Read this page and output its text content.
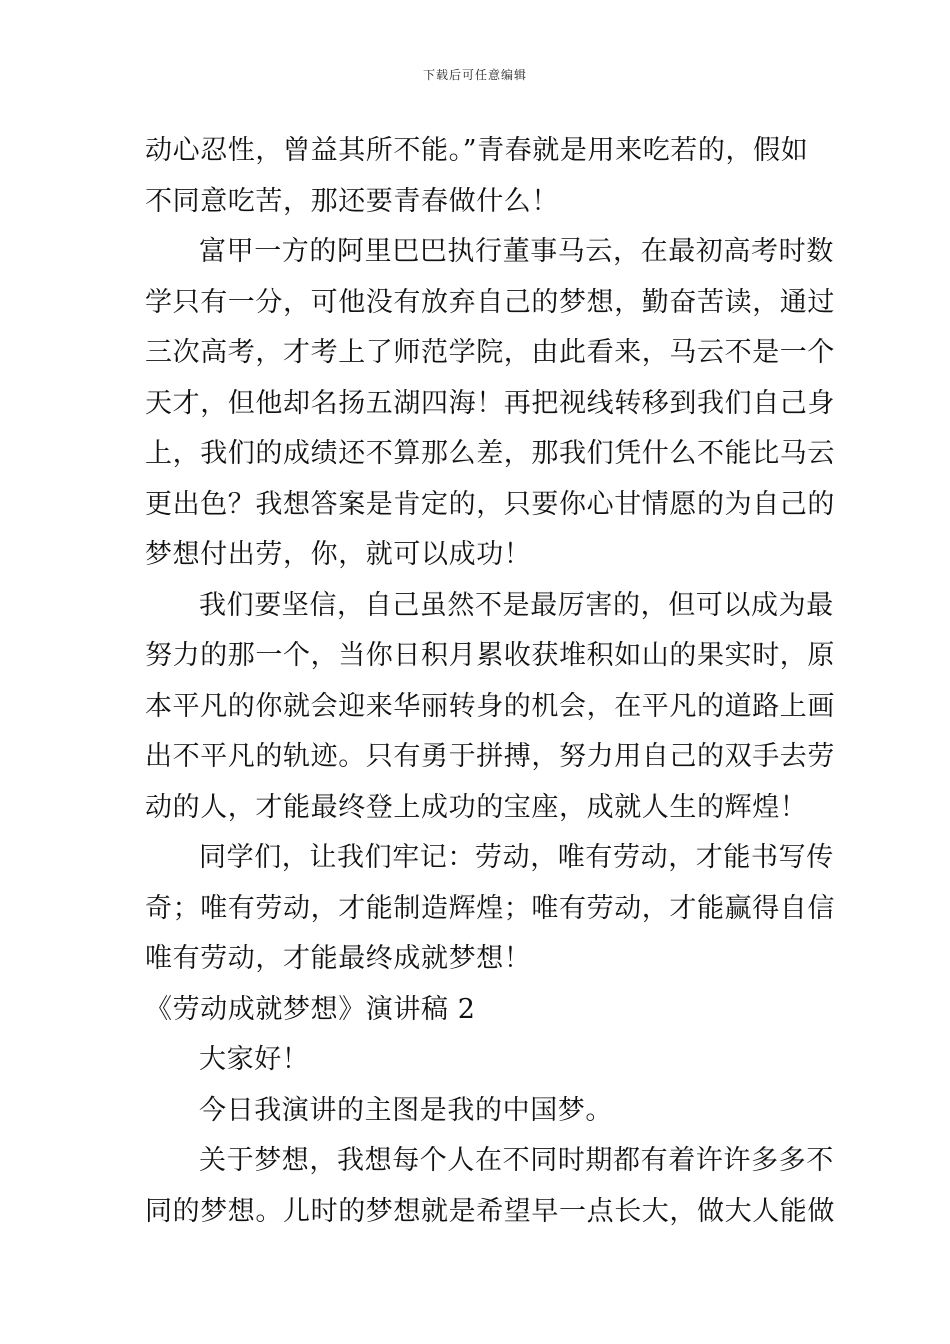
下载后可任意编辑
动心忍性，曾益其所不能。”青春就是用来吃若的，假如
不同意吃苦，那还要青春做什么！
富甲一方的阿里巴巴执行董事马云，在最初高考时数
学只有一分，可他没有放弃自己的梦想，勤奋苦读，通过
三次高考，才考上了师范学院，由此看来，马云不是一个
天才，但他却名扬五湖四海！再把视线转移到我们自己身
上，我们的成绩还不算那么差，那我们凭什么不能比马云
更出色？我想答案是肯定的，只要你心甘情愿的为自己的
梦想付出劳，你，就可以成功！
我们要坚信，自己虽然不是最厉害的，但可以成为最
努力的那一个，当你日积月累收获堆积如山的果实时，原
本平凡的你就会迎来华丽转身的机会，在平凡的道路上画
出不平凡的轨迹。只有勇于拼搏，努力用自己的双手去劳
动的人，才能最终登上成功的宝座，成就人生的辉煌！
同学们，让我们牢记：劳动，唯有劳动，才能书写传
奇；唯有劳动，才能制造辉煌；唯有劳动，才能赢得自信
唯有劳动，才能最终成就梦想！
《劳动成就梦想》演讲稿 2
大家好！
今日我演讲的主图是我的中国梦。
关于梦想，我想每个人在不同时期都有着许许多多不
同的梦想。儿时的梦想就是希望早一点长大，做大人能做
